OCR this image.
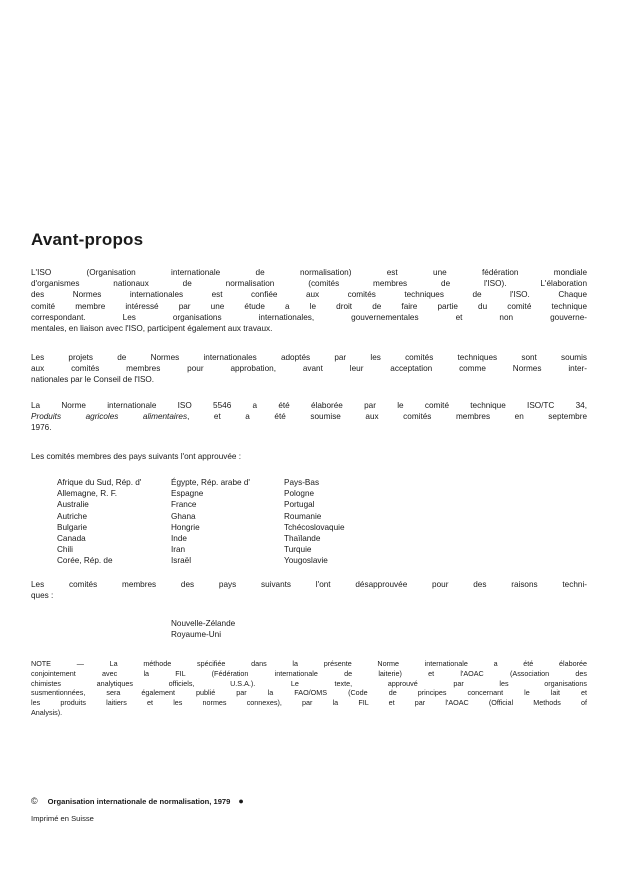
Avant-propos
L'ISO (Organisation internationale de normalisation) est une fédération mondiale
d'organismes nationaux de normalisation (comités membres de l'ISO). L'élaboration
des Normes internationales est confiée aux comités techniques de l'ISO. Chaque
comité membre intéressé par une étude a le droit de faire partie du comité technique
correspondant. Les organisations internationales, gouvernementales et non gouverne-
mentales, en liaison avec l'ISO, participent également aux travaux.
Les projets de Normes internationales adoptés par les comités techniques sont soumis
aux comités membres pour approbation, avant leur acceptation comme Normes inter-
nationales par le Conseil de l'ISO.
La Norme internationale ISO 5546 a été élaborée par le comité technique ISO/TC 34,
Produits agricoles alimentaires, et a été soumise aux comités membres en septembre
1976.
Les comités membres des pays suivants l'ont approuvée :
Afrique du Sud, Rép. d'
Allemagne, R. F.
Australie
Autriche
Bulgarie
Canada
Chili
Corée, Rép. de
Égypte, Rép. arabe d'
Espagne
France
Ghana
Hongrie
Inde
Iran
Israël
Pays-Bas
Pologne
Portugal
Roumanie
Tchécoslovaquie
Thaïlande
Turquie
Yougoslavie
Les comités membres des pays suivants l'ont désapprouvée pour des raisons techni-
ques :
Nouvelle-Zélande
Royaume-Uni
NOTE — La méthode spécifiée dans la présente Norme internationale a été élaborée
conjointement avec la FIL (Fédération internationale de laiterie) et l'AOAC (Association des
chimistes analytiques officiels, U.S.A.). Le texte, approuvé par les organisations
susmentionnées, sera également publié par la FAO/OMS (Code de principes concernant le lait et
les produits laitiers et les normes connexes), par la FIL et par l'AOAC (Official Methods of
Analysis).
© Organisation internationale de normalisation, 1979 ●
Imprimé en Suisse
